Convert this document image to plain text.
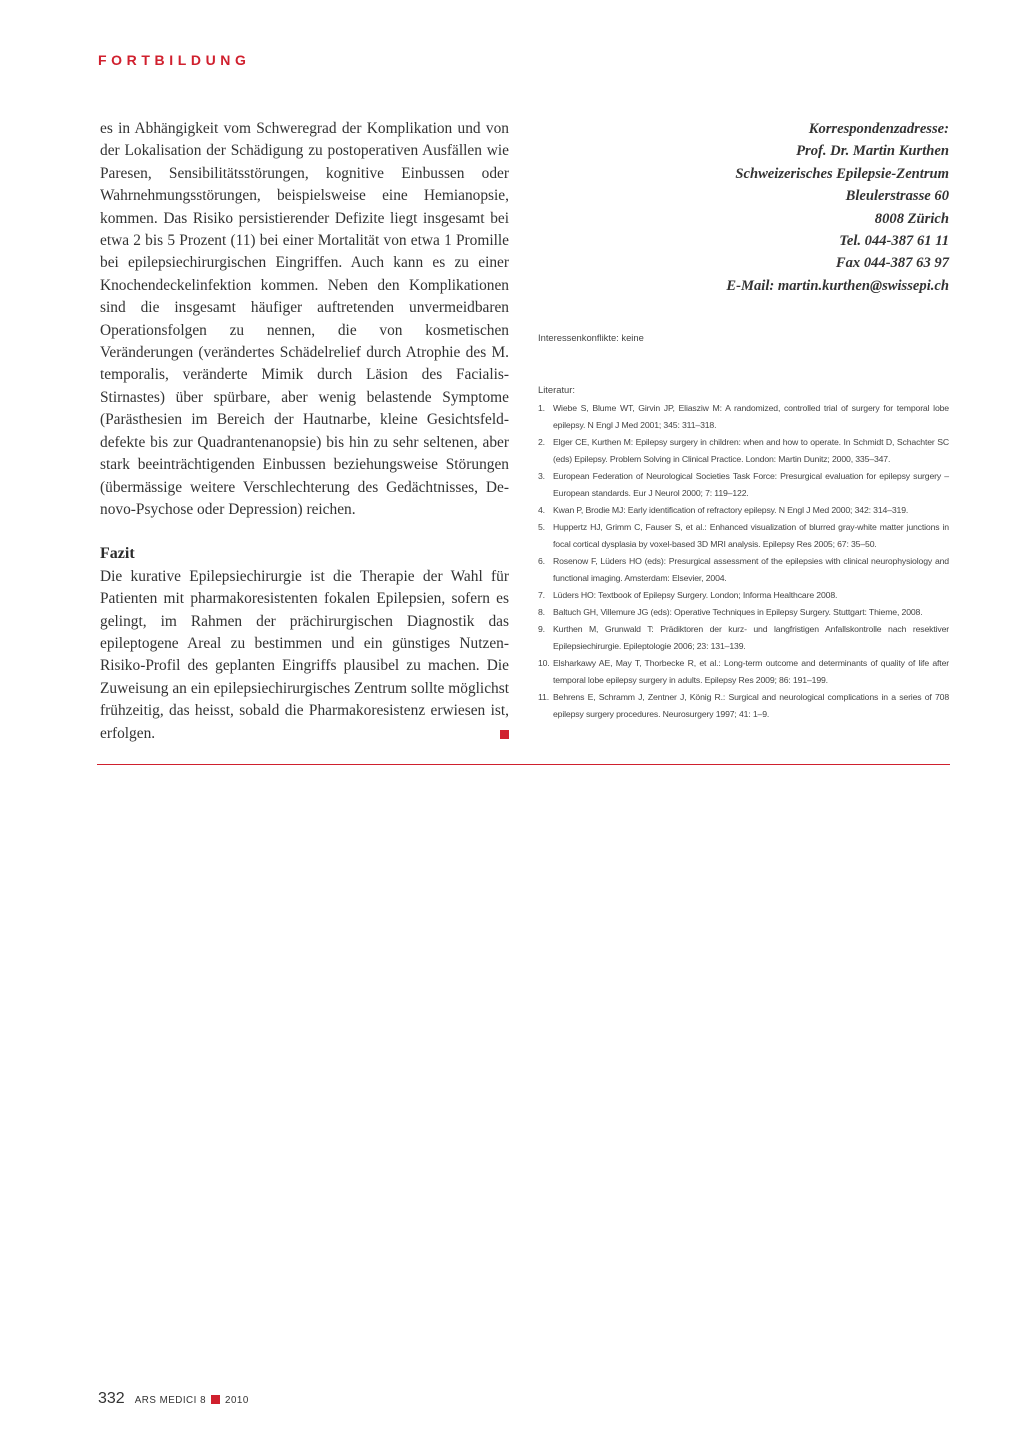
FORTBILDUNG

es in Abhängigkeit vom Schweregrad der Komplikation und von der Lokalisation der Schädigung zu postoperativen Ausfällen wie Paresen, Sensibilitätsstörungen, kognitive Einbussen oder Wahrnehmungsstörungen, beispielsweise eine Hemianopsie, kommen. Das Risiko persistierender Defizite liegt insgesamt bei etwa 2 bis 5 Prozent (11) bei einer Mortalität von etwa 1 Promille bei epilepsiechirurgischen Eingriffen. Auch kann es zu einer Knochendeckelinfektion kommen. Neben den Komplikationen sind die insgesamt häufiger auftretenden unvermeidbaren Operationsfolgen zu nennen, die von kosmetischen Veränderungen (verändertes Schädelrelief durch Atrophie des M. temporalis, veränderte Mimik durch Läsion des Facialis-Stirnastes) über spürbare, aber wenig belastende Symptome (Parästhesien im Bereich der Hautnarbe, kleine Gesichtsfelddefekte bis zur Quadrantenanopsie) bis hin zu sehr seltenen, aber stark beeinträchtigenden Einbussen beziehungsweise Störungen (übermässige weitere Verschlechterung des Gedächtnisses, De-novo-Psychose oder Depression) reichen.

Fazit

Die kurative Epilepsiechirurgie ist die Therapie der Wahl für Patienten mit pharmakoresistenten fokalen Epilepsien, sofern es gelingt, im Rahmen der prächirurgischen Diagnostik das epileptogene Areal zu bestimmen und ein günstiges Nutzen-Risiko-Profil des geplanten Eingriffs plausibel zu machen. Die Zuweisung an ein epilepsiechirurgisches Zentrum sollte möglichst frühzeitig, das heisst, sobald die Pharmakoresistenz erwiesen ist, erfolgen.

Korrespondenzadresse:
Prof. Dr. Martin Kurthen
Schweizerisches Epilepsie-Zentrum
Bleulerstrasse 60
8008 Zürich
Tel. 044-387 61 11
Fax 044-387 63 97
E-Mail: martin.kurthen@swissepi.ch
Interessenkonflikte: keine
Literatur:
1. Wiebe S, Blume WT, Girvin JP, Eliasziw M: A randomized, controlled trial of surgery for temporal lobe epilepsy. N Engl J Med 2001; 345: 311–318.
2. Elger CE, Kurthen M: Epilepsy surgery in children: when and how to operate. In Schmidt D, Schachter SC (eds) Epilepsy. Problem Solving in Clinical Practice. London: Martin Dunitz; 2000, 335–347.
3. European Federation of Neurological Societies Task Force: Presurgical evaluation for epilepsy surgery – European standards. Eur J Neurol 2000; 7: 119–122.
4. Kwan P, Brodie MJ: Early identification of refractory epilepsy. N Engl J Med 2000; 342: 314–319.
5. Huppertz HJ, Grimm C, Fauser S, et al.: Enhanced visualization of blurred gray-white matter junctions in focal cortical dysplasia by voxel-based 3D MRI analysis. Epilepsy Res 2005; 67: 35–50.
6. Rosenow F, Lüders HO (eds): Presurgical assessment of the epilepsies with clinical neurophysiology and functional imaging. Amsterdam: Elsevier, 2004.
7. Lüders HO: Textbook of Epilepsy Surgery. London; Informa Healthcare 2008.
8. Baltuch GH, Villemure JG (eds): Operative Techniques in Epilepsy Surgery. Stuttgart: Thieme, 2008.
9. Kurthen M, Grunwald T: Prädiktoren der kurz- und langfristigen Anfallskontrolle nach resektiver Epilepsiechirurgie. Epileptologie 2006; 23: 131–139.
10. Elsharkawy AE, May T, Thorbecke R, et al.: Long-term outcome and determinants of quality of life after temporal lobe epilepsy surgery in adults. Epilepsy Res 2009; 86: 191–199.
11. Behrens E, Schramm J, Zentner J, König R.: Surgical and neurological complications in a series of 708 epilepsy surgery procedures. Neurosurgery 1997; 41: 1–9.
332 ARS MEDICI 8 2010
